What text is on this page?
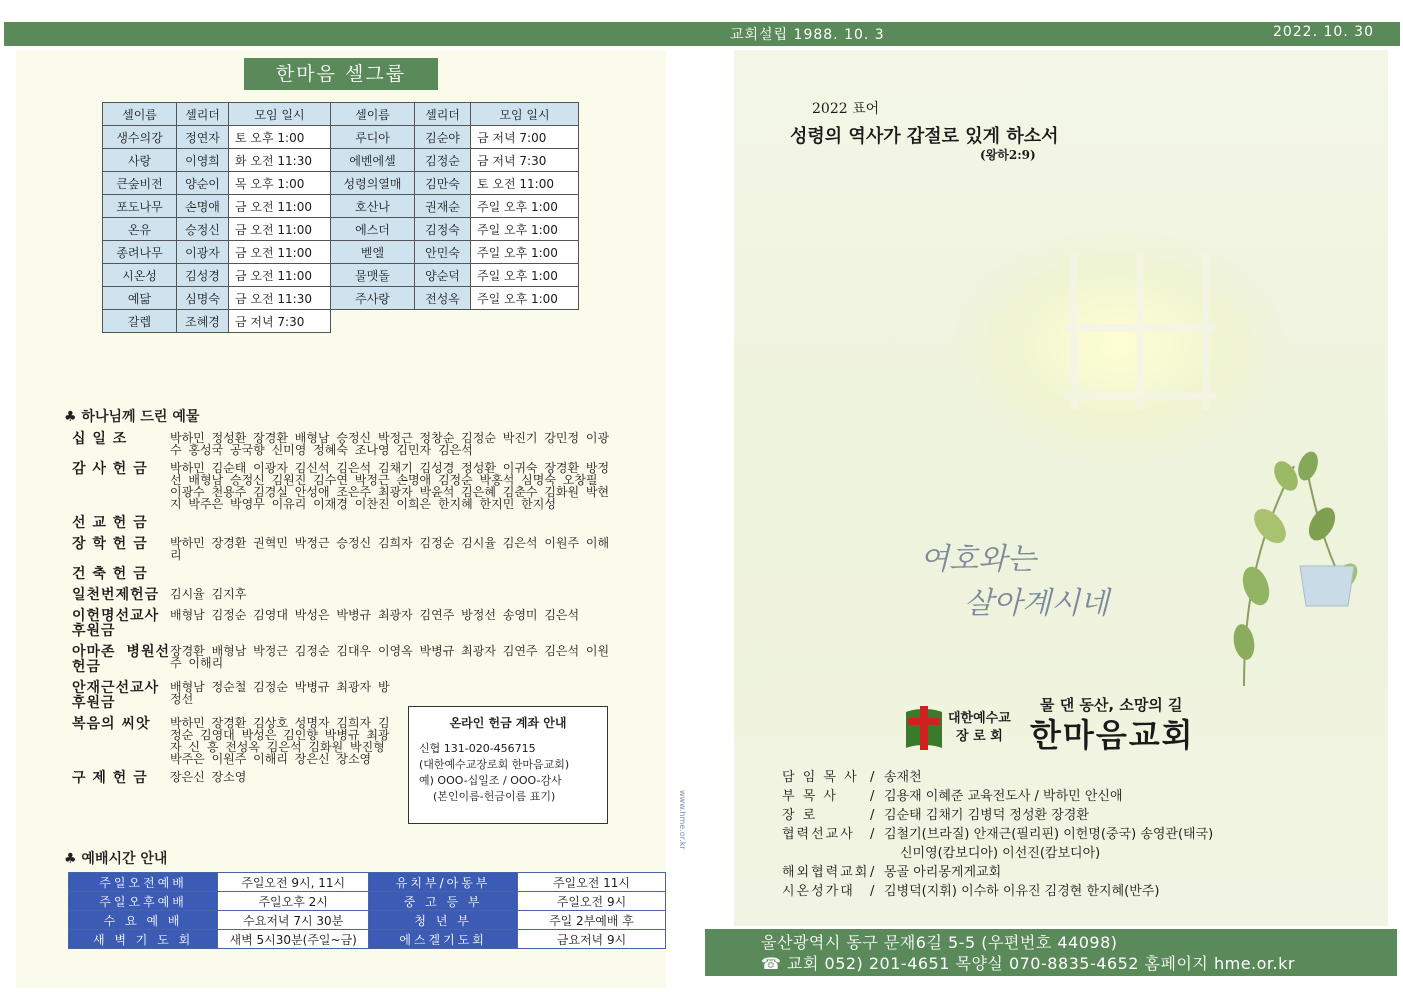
교회설립 1988. 10. 3	2022. 10. 30
한마음 셀그룹
셀이름	셀리더	모임 일시	셀이름	셀리더	모임 일시
생수의강	정연자	토 오후 1:00	루디아	김순야	금 저녁 7:00
사랑	이영희	화 오전 11:30	에벤에셀	김정순	금 저녁 7:30
큰숲비전	양순이	목 오후 1:00	성령의열매	김만숙	토 오전 11:00
포도나무	손명애	금 오전 11:00	호산나	권재순	주일 오후 1:00
온유	승정신	금 오전 11:00	에스더	김정숙	주일 오후 1:00
종려나무	이광자	금 오전 11:00	벧엘	안민숙	주일 오후 1:00
시온성	김성경	금 오전 11:00	물맷돌	양순덕	주일 오후 1:00
예닮	심명숙	금 오전 11:30	주사랑	전성옥	주일 오후 1:00
갈렙	조혜경	금 저녁 7:30			
♣ 하나님께 드린 예물
십 일 조	박하민 정성환 장경환 배형남 승정신 박정근 정창순 김정순 박진기 강민정 이광수 홍성국 공국향 신미영 정혜숙 조나영 김민자 김은석
감 사 헌 금	박하민 김순태 이광자 김신석 김은석 김채기 김성경 정성환 이귀숙 장경환 방정선 배형남 승정신 김원진 김수연 박정근 손명애 김정순 박홍석 심명숙 오창필 이광수 천용주 김경실 안성애 조은주 최광자 박윤석 김은혜 김춘수 김화원 박현지 박주은 박영무 이유리 이재경 이찬진 이희은 한지혜 한지민 한지성
선 교 헌 금
장 학 헌 금	박하민 장경환 권혁민 박정근 승정신 김희자 김정순 김시율 김은석 이원주 이해리
건 축 헌 금
일천번제헌금 김시율 김지후
이헌명선교사 후원금
배형남 김정순 김영대 박성은 박병규 최광자 김연주 방정선 송영미 김은석
아마존 병원선헌금
장경환 배형남 박정근 김정순 김대우 이영옥 박병규 최광자 김연주 김은석 이원주 이해리
안재근선교사 후원금
배형남 정순철 김정순 박병규 최광자 방정선
복음의 씨앗	박하민 장경환 김상호 성명자 김희자 김정순 김영대 박성은 김인향 박병규 최광자 신 흥 전성옥 김은석 김화원 박진형 박주은 이원주 이해리 장은신 장소영
구 제 헌 금	장은신 장소영
온라인 헌금 계좌 안내
신협 131-020-456715
(대한예수교장로회 한마음교회)
예) OOO-십일조 / OOO-감사
(본인이름-헌금이름 표기)
♣ 예배시간 안내
주일오전예배	주일오전 9시, 11시	유치부/아동부	주일오전 11시
주일오후예배	주일오후 2시	중 고 등 부	주일오전 9시
수 요 예 배	수요저녁 7시 30분	청 년 부	주일 2부예배 후
새 벽 기 도 회	새벽 5시30분(주일~금)	에스겔기도회	금요저녁 9시
www.hme.or.kr
2022 표어
성령의 역사가 갑절로 있게 하소서
(왕하2:9)
여호와는
살아계시네
물 댄 동산, 소망의 길
대한예수교
장 로 회 한마음교회
담 임 목 사 / 송재천
부 목 사	/ 김용재 이혜준 교육전도사 / 박하민 안신애
장 로	/ 김순태 김채기 김병덕 정성환 장경환
협력선교사	/ 김철기(브라질) 안재근(필리핀) 이헌명(중국) 송영관(태국)
신미영(캄보디아) 이선진(캄보디아)
해외협력교회 / 몽골 아리몽게게교회
시온성가대	/ 김병덕(지휘) 이수하 이유진 김경현 한지혜(반주)
울산광역시 동구 문재6길 5-5 (우편번호 44098)
☎ 교회 052) 201-4651 목양실 070-8835-4652 홈페이지 hme.or.kr
